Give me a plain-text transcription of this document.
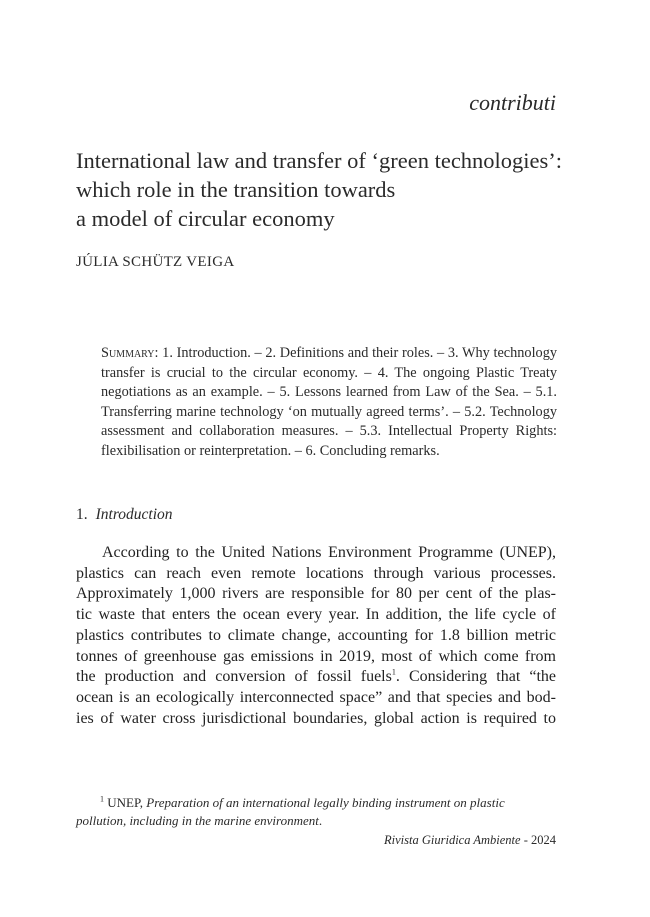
contributi
International law and transfer of ‘green technologies’:
which role in the transition towards
a model of circular economy
JÚLIA SCHÜTZ VEIGA
Summary: 1. Introduction. – 2. Definitions and their roles. – 3. Why technology transfer is crucial to the circular economy. – 4. The ongoing Plastic Treaty negotiations as an example. – 5. Lessons learned from Law of the Sea. – 5.1. Transferring marine technology ‘on mutually agreed terms’. – 5.2. Technology assessment and collaboration measures. – 5.3. Intellectual Property Rights: flexibilisation or reinterpretation. – 6. Concluding remarks.
1. Introduction
According to the United Nations Environment Programme (UNEP),
plastics can reach even remote locations through various processes.
Approximately 1,000 rivers are responsible for 80 per cent of the plas-
tic waste that enters the ocean every year. In addition, the life cycle of
plastics contributes to climate change, accounting for 1.8 billion metric
tonnes of greenhouse gas emissions in 2019, most of which come from
the production and conversion of fossil fuels$^1$. Considering that “the
ocean is an ecologically interconnected space” and that species and bod-
ies of water cross jurisdictional boundaries, global action is required to
$^1$ UNEP, Preparation of an international legally binding instrument on plastic
pollution, including in the marine environment.
Rivista Giuridica Ambiente - 2024
